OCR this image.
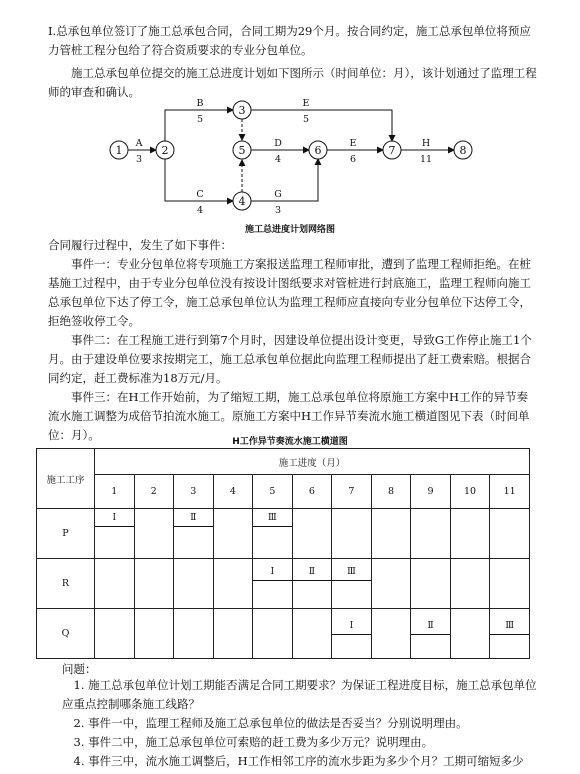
I.总承包单位签订了施工总承包合同，合同工期为29个月。按合同约定，施工总承包单位将预应力管桩工程分包给了符合资质要求的专业分包单位。

施工总承包单位提交的施工总进度计划如下图所示（时间单位：月），该计划通过了监理工程师的审查和确认。

1	2
3
4
5	6	7	8
A
3
B
5
C
4
D
4
E
5
E
6
G
3
H
11
施工总进度计划网络图

合同履行过程中，发生了如下事件：

事件一：专业分包单位将专项施工方案报送监理工程师审批，遭到了监理工程师拒绝。在桩基施工过程中，由于专业分包单位没有按设计图纸要求对管桩进行封底施工，监理工程师向施工总承包单位下达了停工令，施工总承包单位认为监理工程师应直接向专业分包单位下达停工令，拒绝签收停工令。

事件二：在工程施工进行到第7个月时，因建设单位提出设计变更，导致G工作停止施工1个月。由于建设单位要求按期完工，施工总承包单位据此向监理工程师提出了赶工费索赔。根据合同约定，赶工费标准为18万元/月。

事件三：在H工作开始前，为了缩短工期，施工总承包单位将原施工方案中H工作的异节奏流水施工调整为成倍节拍流水施工。原施工方案中H工作异节奏流水施工横道图见下表（时间单位：月）。	H工作异节奏流水施工横道图
施工工序	施工进度（月）										
	1	2	3	4	5	6	7	8	9	10	11
P	Ⅰ		Ⅱ		Ⅲ						

R					Ⅰ	Ⅱ	Ⅲ				

Q							Ⅰ		Ⅱ		Ⅲ

问题：

1. 施工总承包单位计划工期能否满足合同工期要求？为保证工程进度目标，施工总承包单位应重点控制哪条施工线路？

2. 事件一中，监理工程师及施工总承包单位的做法是否妥当？分别说明理由。

3. 事件二中，施工总承包单位可索赔的赶工费为多少万元？说明理由。

4. 事件三中，流水施工调整后，H工作相邻工序的流水步距为多少个月？工期可缩短多少
